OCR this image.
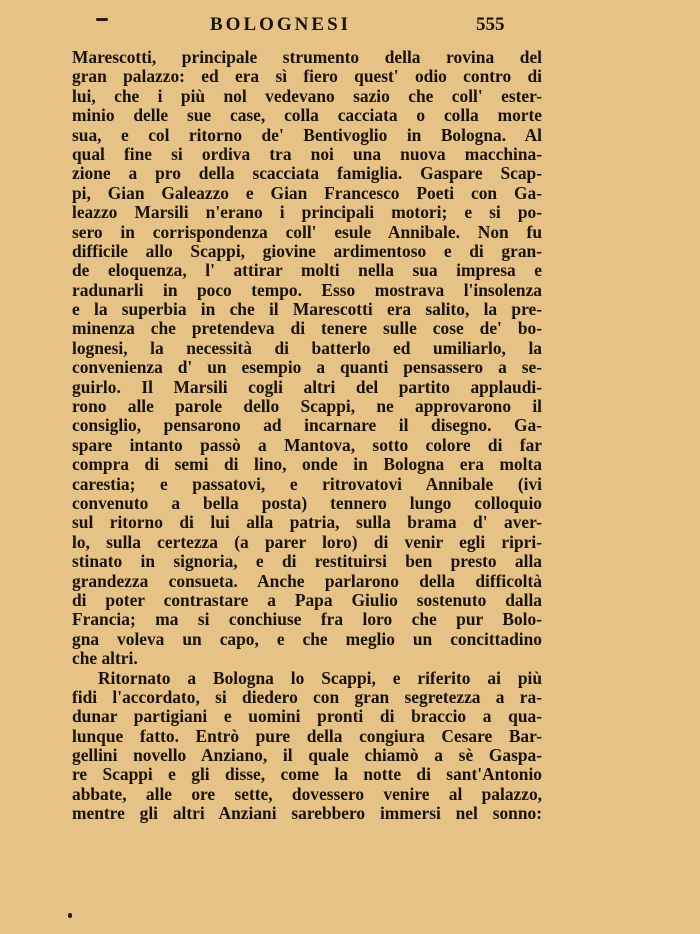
BOLOGNESI	555
Marescotti, principale strumento della rovina del
gran palazzo: ed era sì fiero quest' odio contro di
lui, che i più nol vedevano sazio che coll' ester-
minio delle sue case, colla cacciata o colla morte
sua, e col ritorno de' Bentivoglio in Bologna. Al
qual fine si ordiva tra noi una nuova macchina-
zione a pro della scacciata famiglia. Gaspare Scap-
pi, Gian Galeazzo e Gian Francesco Poeti con Ga-
leazzo Marsili n'erano i principali motori; e si po-
sero in corrispondenza coll' esule Annibale. Non fu
difficile allo Scappi, giovine ardimentoso e di gran-
de eloquenza, l' attirar molti nella sua impresa e
radunarli in poco tempo. Esso mostrava l'insolenza
e la superbia in che il Marescotti era salito, la pre-
minenza che pretendeva di tenere sulle cose de' bo-
lognesi, la necessità di batterlo ed umiliarlo, la
convenienza d' un esempio a quanti pensassero a se-
guirlo. Il Marsili cogli altri del partito applaudi-
rono alle parole dello Scappi, ne approvarono il
consiglio, pensarono ad incarnare il disegno. Ga-
spare intanto passò a Mantova, sotto colore di far
compra di semi di lino, onde in Bologna era molta
carestia; e passatovi, e ritrovatovi Annibale (ivi
convenuto a bella posta) tennero lungo colloquio
sul ritorno di lui alla patria, sulla brama d' aver-
lo, sulla certezza (a parer loro) di venir egli ripri-
stinato in signoria, e di restituirsi ben presto alla
grandezza consueta. Anche parlarono della difficoltà
di poter contrastare a Papa Giulio sostenuto dalla
Francia; ma si conchiuse fra loro che pur Bolo-
gna voleva un capo, e che meglio un concittadino
che altri.
Ritornato a Bologna lo Scappi, e riferito ai più
fidi l'accordato, si diedero con gran segretezza a ra-
dunar partigiani e uomini pronti di braccio a qua-
lunque fatto. Entrò pure della congiura Cesare Bar-
gellini novello Anziano, il quale chiamò a sè Gaspa-
re Scappi e gli disse, come la notte di sant'Antonio
abbate, alle ore sette, dovessero venire al palazzo,
mentre gli altri Anziani sarebbero immersi nel sonno:
